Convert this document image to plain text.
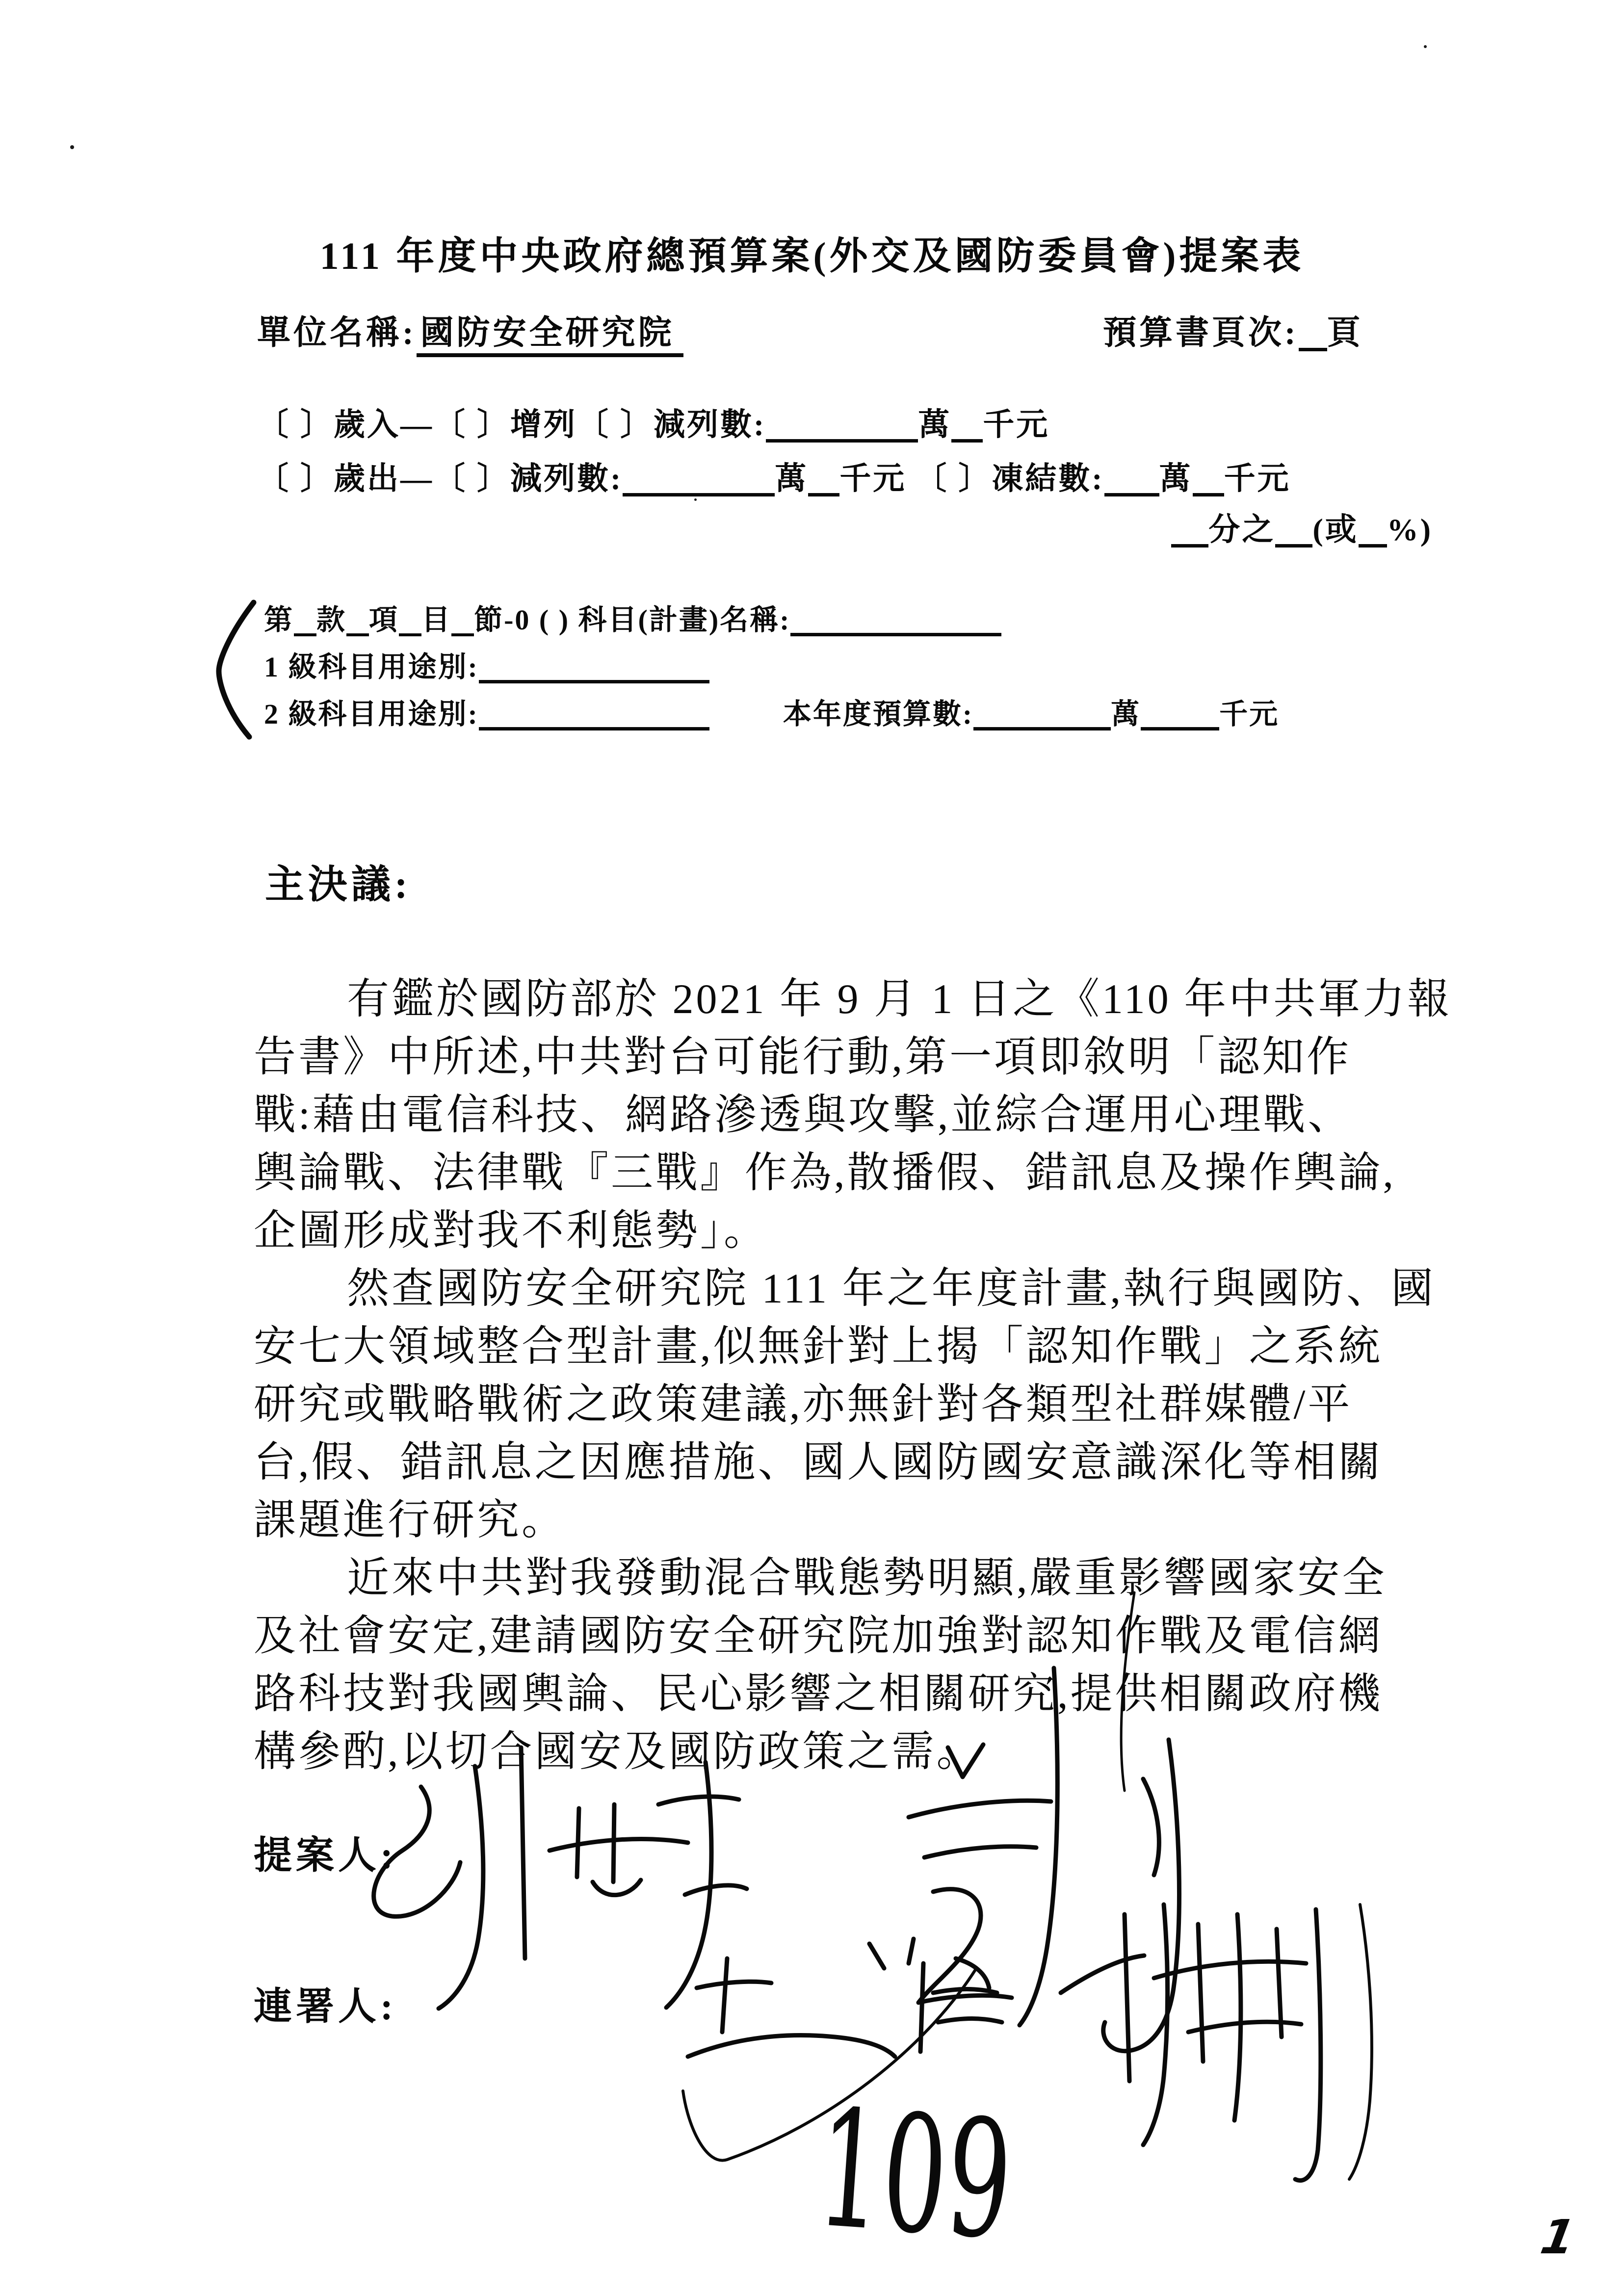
111 年度中央政府總預算案(外交及國防委員會)提案表
單位名稱: 國防安全研究院	預算書頁次: 頁
〔 〕歲入—〔 〕增列〔 〕減列數:	萬 千元
〔 〕歲出—〔 〕減列數:	萬 千元 〔 〕凍結數: 萬 千元
分之 (或 %)
第 款 項 目 節-0 ( ) 科目(計畫)名稱:
1 級科目用途別:
2 級科目用途別:	本年度預算數:	萬	千元
主決議:
有鑑於國防部於 2021 年 9 月 1 日之《110 年中共軍力報
告書》中所述,中共對台可能行動,第一項即敘明「認知作
戰:藉由電信科技、網路滲透與攻擊,並綜合運用心理戰、
輿論戰、法律戰『三戰』作為,散播假、錯訊息及操作輿論,
企圖形成對我不利態勢」。
然查國防安全研究院 111 年之年度計畫,執行與國防、國
安七大領域整合型計畫,似無針對上揭「認知作戰」之系統
研究或戰略戰術之政策建議,亦無針對各類型社群媒體/平
台,假、錯訊息之因應措施、國人國防國安意識深化等相關
課題進行研究。
近來中共對我發動混合戰態勢明顯,嚴重影響國家安全
及社會安定,建請國防安全研究院加強對認知作戰及電信網
路科技對我國輿論、民心影響之相關研究,提供相關政府機
構參酌,以切合國安及國防政策之需。
提案人:
連署人:
109	1
